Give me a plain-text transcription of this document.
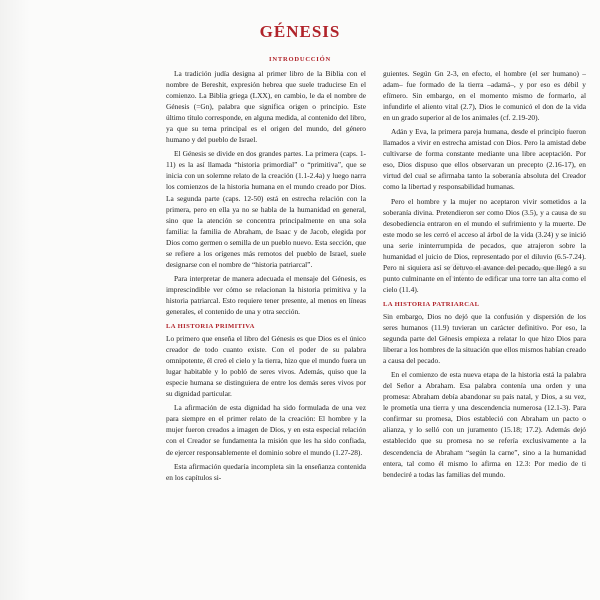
GÉNESIS
INTRODUCCIÓN

La tradición judía designa al primer libro de la Biblia con el nombre de Bereshit, expresión hebrea que suele traducirse En el comienzo. La Biblia griega (LXX), en cambio, le da el nombre de Génesis (=Gn), palabra que significa origen o principio. Este último título corresponde, en alguna medida, al contenido del libro, ya que su tema principal es el origen del mundo, del género humano y del pueblo de Israel.

El Génesis se divide en dos grandes partes. La primera (caps. 1-11) es la así llamada “historia primordial” o “primitiva”, que se inicia con un solemne relato de la creación (1.1-2.4a) y luego narra los comienzos de la historia humana en el mundo creado por Dios. La segunda parte (caps. 12-50) está en estrecha relación con la primera, pero en ella ya no se habla de la humanidad en general, sino que la atención se concentra principalmente en una sola familia: la familia de Abraham, de Isaac y de Jacob, elegida por Dios como germen o semilla de un pueblo nuevo. Esta sección, que se refiere a los orígenes más remotos del pueblo de Israel, suele designarse con el nombre de “historia patriarcal”.

Para interpretar de manera adecuada el mensaje del Génesis, es imprescindible ver cómo se relacionan la historia primitiva y la historia patriarcal. Esto requiere tener presente, al menos en líneas generales, el contenido de una y otra sección.

LA HISTORIA PRIMITIVA

Lo primero que enseña el libro del Génesis es que Dios es el único creador de todo cuanto existe. Con el poder de su palabra omnipotente, él creó el cielo y la tierra, hizo que el mundo fuera un lugar habitable y lo pobló de seres vivos. Además, quiso que la especie humana se distinguiera de entre los demás seres vivos por su dignidad particular.

La afirmación de esta dignidad ha sido formulada de una vez para siempre en el primer relato de la creación: El hombre y la mujer fueron creados a imagen de Dios, y en esta especial relación con el Creador se fundamenta la misión que les ha sido confiada, de ejercer responsablemente el dominio sobre el mundo (1.27-28).

Esta afirmación quedaría incompleta sin la enseñanza contenida en los capítulos si-

guientes. Según Gn 2-3, en efecto, el hombre (el ser humano) –adam– fue formado de la tierra –adamá–, y por eso es débil y efímero. Sin embargo, en el momento mismo de formarlo, al infundirle el aliento vital (2.7), Dios le comunicó el don de la vida en un grado superior al de los animales (cf. 2.19-20).

Adán y Eva, la primera pareja humana, desde el principio fueron llamados a vivir en estrecha amistad con Dios. Pero la amistad debe cultivarse de forma constante mediante una libre aceptación. Por eso, Dios dispuso que ellos observaran un precepto (2.16-17), en virtud del cual se afirmaba tanto la soberanía absoluta del Creador como la libertad y responsabilidad humanas.

Pero el hombre y la mujer no aceptaron vivir sometidos a la soberanía divina. Pretendieron ser como Dios (3.5), y a causa de su desobediencia entraron en el mundo el sufrimiento y la muerte. De este modo se les cerró el acceso al árbol de la vida (3.24) y se inició una serie ininterrumpida de pecados, que atrajeron sobre la humanidad el juicio de Dios, representado por el diluvio (6.5-7.24). Pero ni siquiera así se detuvo el avance del pecado, que llegó a su punto culminante en el intento de edificar una torre tan alta como el cielo (11.4).

LA HISTORIA PATRIARCAL

Sin embargo, Dios no dejó que la confusión y dispersión de los seres humanos (11.9) tuvieran un carácter definitivo. Por eso, la segunda parte del Génesis empieza a relatar lo que hizo Dios para liberar a los hombres de la situación que ellos mismos habían creado a causa del pecado.

En el comienzo de esta nueva etapa de la historia está la palabra del Señor a Abraham. Esa palabra contenía una orden y una promesa: Abraham debía abandonar su país natal, y Dios, a su vez, le prometía una tierra y una descendencia numerosa (12.1-3). Para confirmar su promesa, Dios estableció con Abraham un pacto o alianza, y lo selló con un juramento (15.18; 17.2). Además dejó establecido que su promesa no se refería exclusivamente a la descendencia de Abraham “según la carne”, sino a la humanidad entera, tal como él mismo lo afirma en 12.3: Por medio de ti bendeciré a todas las familias del mundo.
